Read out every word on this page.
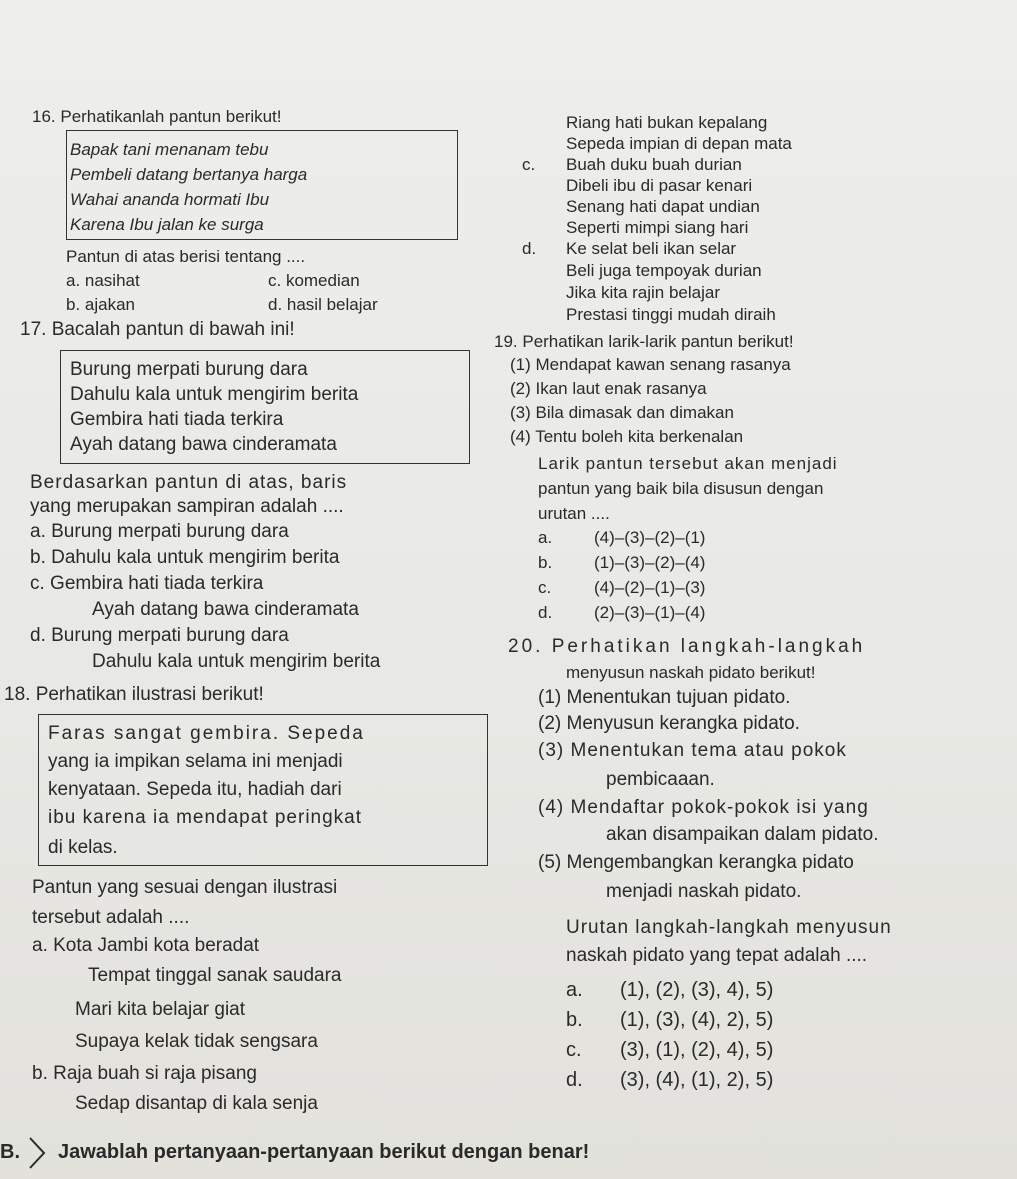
16. Perhatikanlah pantun berikut!
Bapak tani menanam tebu
Pembeli datang bertanya harga
Wahai ananda hormati Ibu
Karena Ibu jalan ke surga
Pantun di atas berisi tentang ....
a. nasihat	c. komedian
b. ajakan	d. hasil belajar
Riang hati bukan kepalang
Sepeda impian di depan mata
c. Buah duku buah durian
Dibeli ibu di pasar kenari
Senang hati dapat undian
Seperti mimpi siang hari
d. Ke selat beli ikan selar
Beli juga tempoyak durian
Jika kita rajin belajar
Prestasi tinggi mudah diraih
17. Bacalah pantun di bawah ini!
Burung merpati burung dara
Dahulu kala untuk mengirim berita
Gembira hati tiada terkira
Ayah datang bawa cinderamata
Berdasarkan pantun di atas, baris
yang merupakan sampiran adalah ....
a. Burung merpati burung dara
b. Dahulu kala untuk mengirim berita
c. Gembira hati tiada terkira
Ayah datang bawa cinderamata
d. Burung merpati burung dara
Dahulu kala untuk mengirim berita
18. Perhatikan ilustrasi berikut!
Faras sangat gembira. Sepeda
yang ia impikan selama ini menjadi
kenyataan. Sepeda itu, hadiah dari
ibu karena ia mendapat peringkat
di kelas.
Pantun yang sesuai dengan ilustrasi
tersebut adalah ....
a. Kota Jambi kota beradat
Tempat tinggal sanak saudara
Mari kita belajar giat
Supaya kelak tidak sengsara
b. Raja buah si raja pisang
Sedap disantap di kala senja
19. Perhatikan larik-larik pantun berikut!
(1) Mendapat kawan senang rasanya
(2) Ikan laut enak rasanya
(3) Bila dimasak dan dimakan
(4) Tentu boleh kita berkenalan
Larik pantun tersebut akan menjadi
pantun yang baik bila disusun dengan
urutan ....
a. (4)–(3)–(2)–(1)
b. (1)–(3)–(2)–(4)
c.	(4)–(2)–(1)–(3)
d. (2)–(3)–(1)–(4)
20. Perhatikan langkah-langkah
menyusun naskah pidato berikut!
(1) Menentukan tujuan pidato.
(2) Menyusun kerangka pidato.
(3) Menentukan tema atau pokok
pembicaaan.
(4) Mendaftar pokok-pokok isi yang
akan disampaikan dalam pidato.
(5) Mengembangkan kerangka pidato
menjadi naskah pidato.
Urutan langkah-langkah menyusun
naskah pidato yang tepat adalah ....
a. (1), (2), (3), 4), 5)
b. (1), (3), (4), 2), 5)
c. (3), (1), (2), 4), 5)
d. (3), (4), (1), 2), 5)
B. Jawablah pertanyaan-pertanyaan berikut dengan benar!
